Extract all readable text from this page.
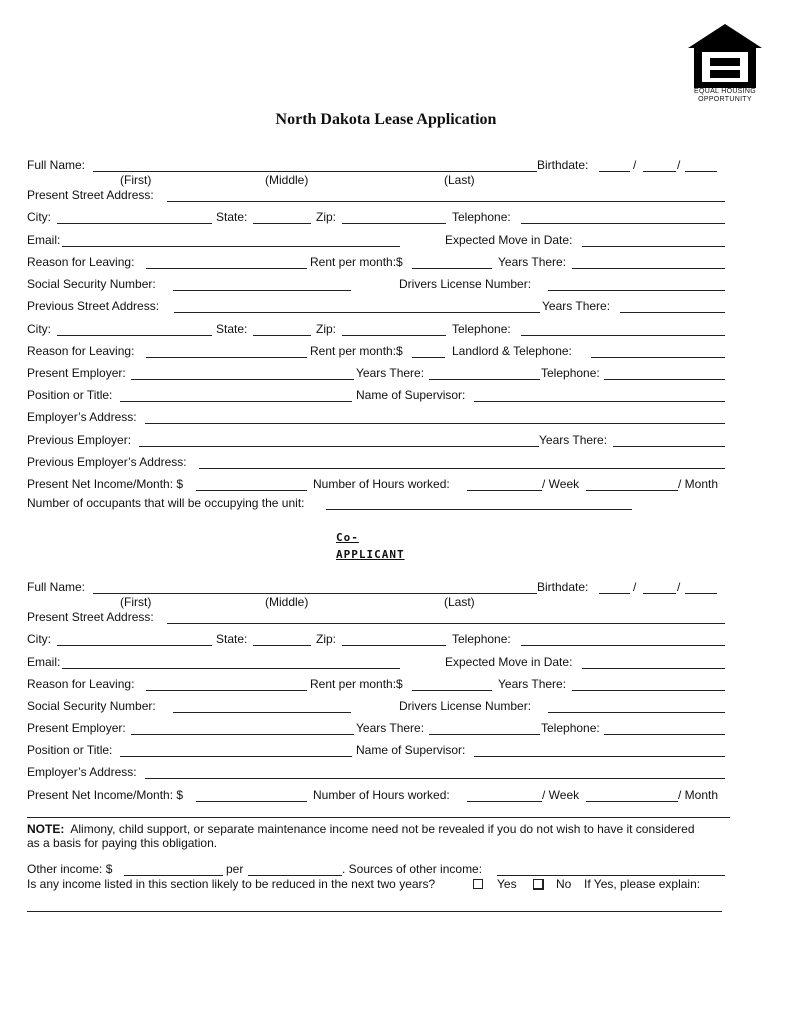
EQUAL HOUSING
OPPORTUNITY
North Dakota Lease Application
Full Name:	Birthdate:	/	/
(First)	(Middle)	(Last)
Present Street Address:
City:	State:	Zip:	Telephone:
Email:	Expected Move in Date:
Reason for Leaving:	Rent per month:$	Years There:
Social Security Number:	Drivers License Number:
Previous Street Address:	Years There:
City:	State:	Zip:	Telephone:
Reason for Leaving:	Rent per month:$	Landlord & Telephone:
Present Employer:	Years There:	Telephone:
Position or Title:	Name of Supervisor:
Employer’s Address:
Previous Employer:	Years There:
Previous Employer’s Address:
Present Net Income/Month: $	Number of Hours worked:	/ Week	/ Month
Number of occupants that will be occupying the unit:
Co-
APPLICANT
Full Name:	Birthdate:	/	/
(First)	(Middle)	(Last)
Present Street Address:
City:	State:	Zip:	Telephone:
Email:	Expected Move in Date:
Reason for Leaving:	Rent per month:$	Years There:
Social Security Number:	Drivers License Number:
Present Employer:	Years There:	Telephone:
Position or Title:	Name of Supervisor:
Employer’s Address:
Present Net Income/Month: $	Number of Hours worked:	/ Week	/ Month
NOTE: Alimony, child support, or separate maintenance income need not be revealed if you do not wish to have it considered
as a basis for paying this obligation.
Other income: $	per	. Sources of other income:
Is any income listed in this section likely to be reduced in the next two years?	Yes	No If Yes, please explain:
